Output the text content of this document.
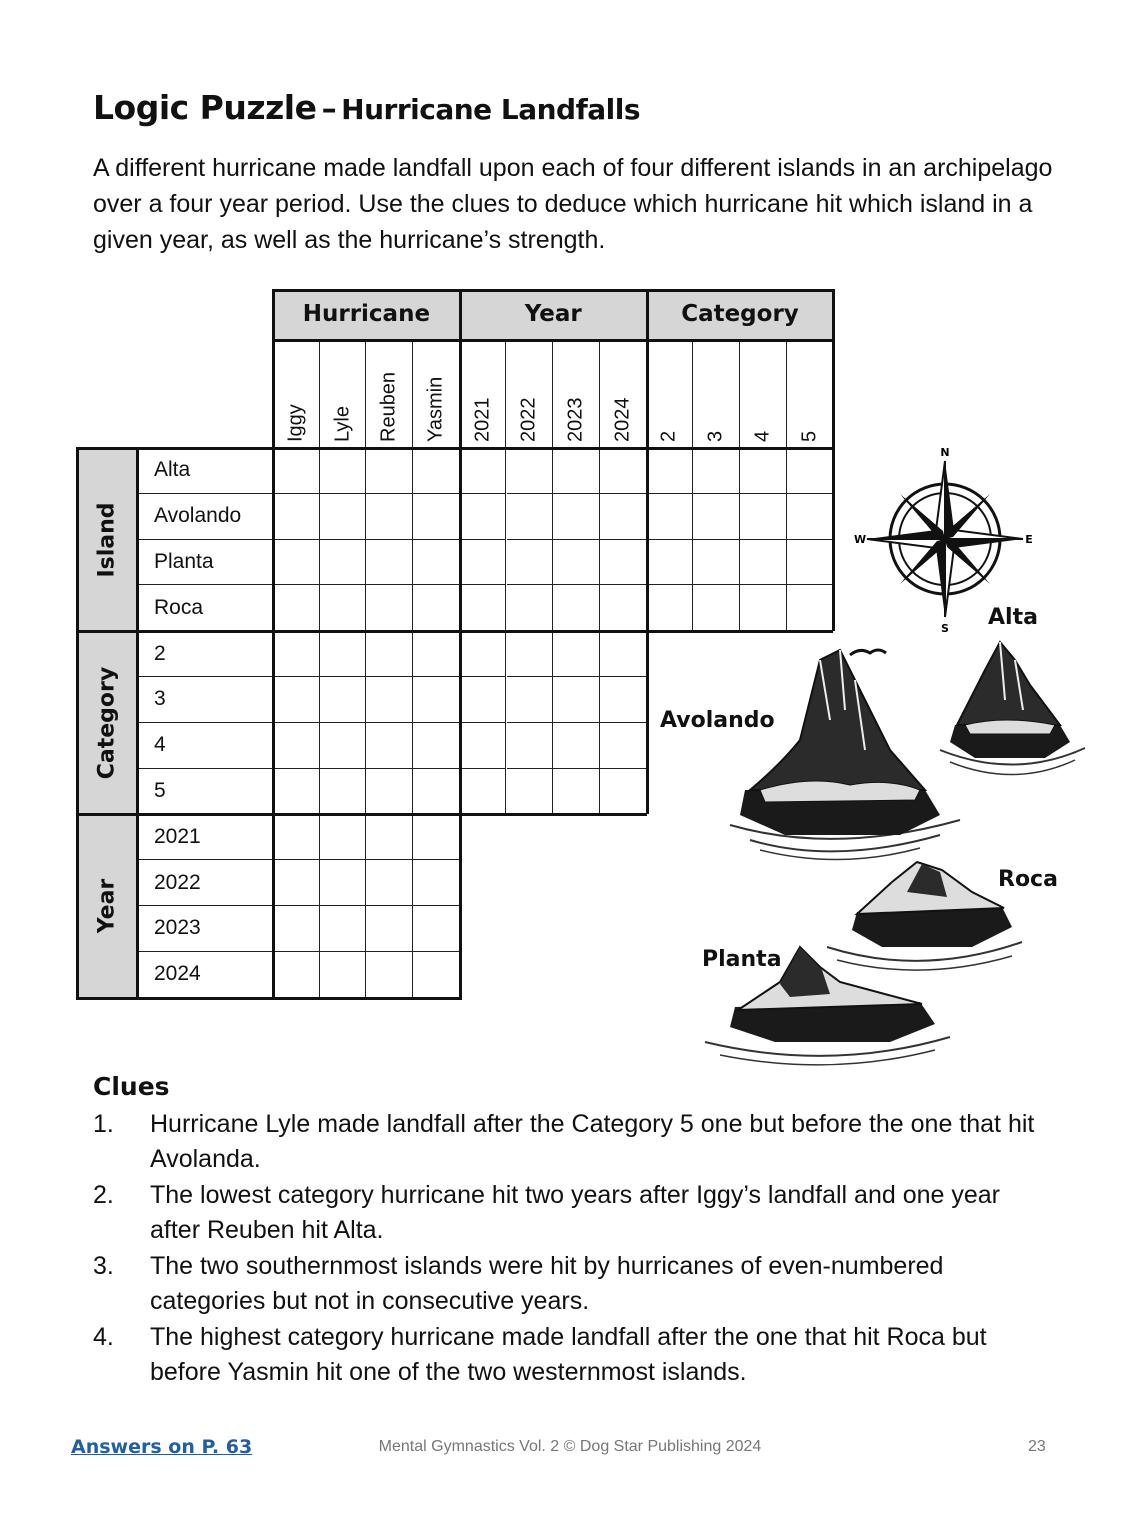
Logic Puzzle – Hurricane Landfalls
A different hurricane made landfall upon each of four different islands in an archipelago over a four year period. Use the clues to deduce which hurricane hit which island in a given year, as well as the hurricane’s strength.
Hurricane
Iggy Lyle Reuben Yasmin
Year
2021 2022 2023 2024
Category
2 3 4 5
Island
Alta
Avolando
Planta
Roca
Category
2
3
4
5
Year
2021
2022
2023
2024
N
S
E
W
Alta
Avolando
Roca
Planta
Clues
1. Hurricane Lyle made landfall after the Category 5 one but before the one that hit Avolanda.
2. The lowest category hurricane hit two years after Iggy’s landfall and one year after Reuben hit Alta.
3. The two southernmost islands were hit by hurricanes of even-numbered categories but not in consecutive years.
4. The highest category hurricane made landfall after the one that hit Roca but before Yasmin hit one of the two westernmost islands.
Answers on P. 63	Mental Gymnastics Vol. 2 © Dog Star Publishing 2024	23
